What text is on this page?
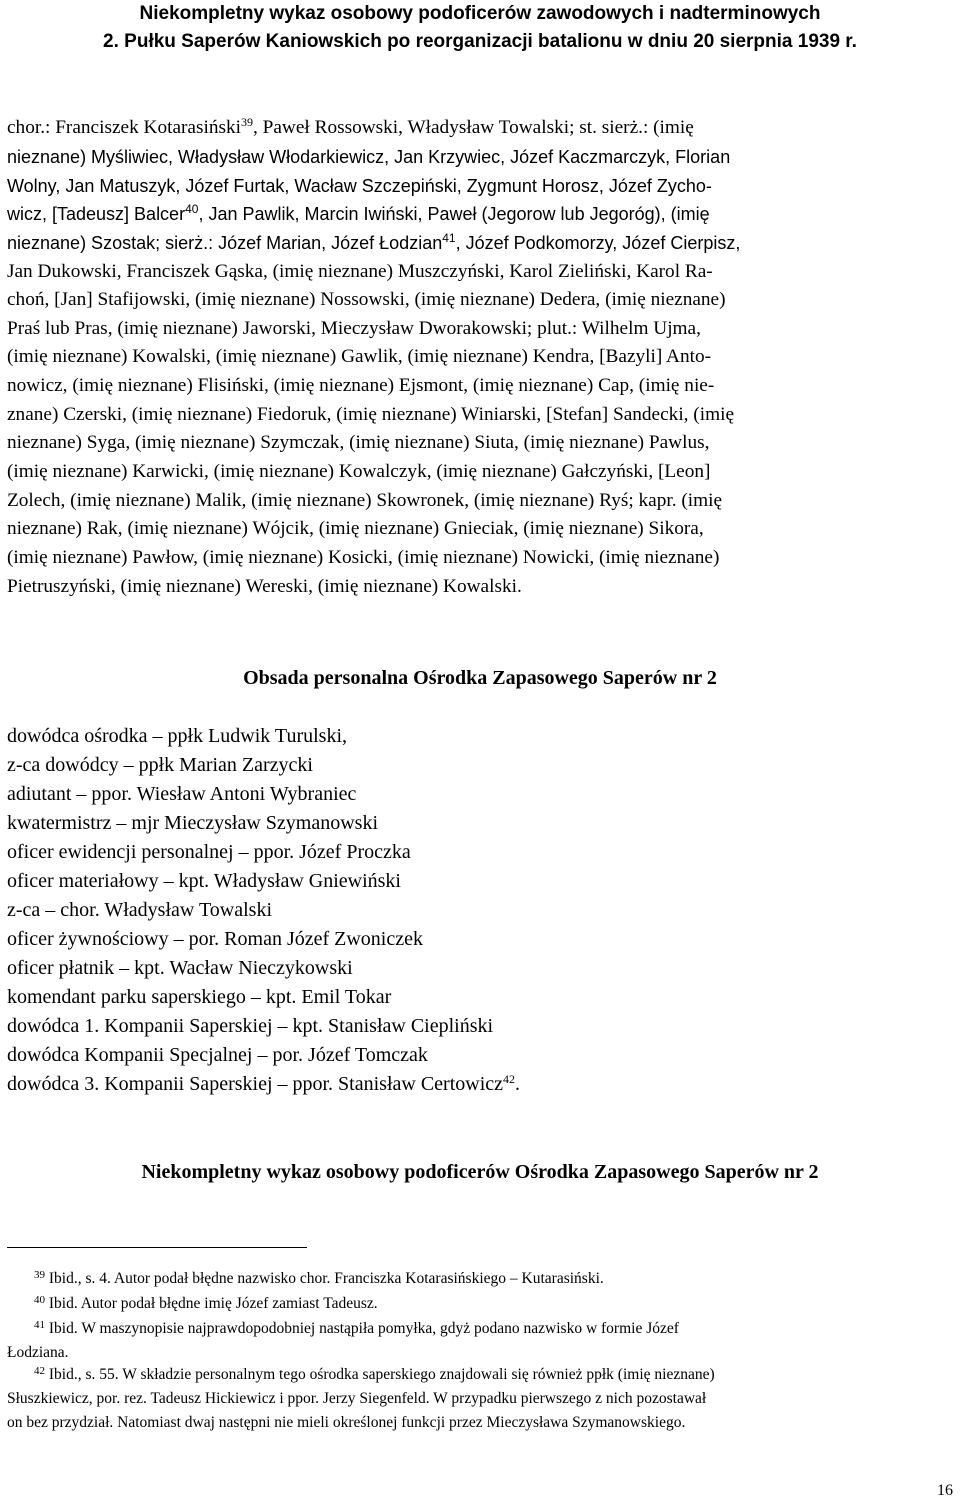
Niekompletny wykaz osobowy podoficerów zawodowych i nadterminowych
2. Pułku Saperów Kaniowskich po reorganizacji batalionu w dniu 20 sierpnia 1939 r.

chor.: Franciszek Kotarasiński$^{39}$, Paweł Rossowski, Władysław Towalski; st. sierż.: (imię

nieznane) Myśliwiec, Władysław Włodarkiewicz, Jan Krzywiec, Józef Kaczmarczyk, Florian

Wolny, Jan Matuszyk, Józef Furtak, Wacław Szczepiński, Zygmunt Horosz, Józef Zycho-

wicz, [Tadeusz] Balcer$^{40}$, Jan Pawlik, Marcin Iwiński, Paweł (Jegorow lub Jegoróg), (imię

nieznane) Szostak; sierż.: Józef Marian, Józef Łodzian$^{41}$, Józef Podkomorzy, Józef Cierpisz,

Jan Dukowski, Franciszek Gąska, (imię nieznane) Muszczyński, Karol Zieliński, Karol Ra-

choń, [Jan] Stafijowski, (imię nieznane) Nossowski, (imię nieznane) Dedera, (imię nieznane)

Praś lub Pras, (imię nieznane) Jaworski, Mieczysław Dworakowski; plut.: Wilhelm Ujma,

(imię nieznane) Kowalski, (imię nieznane) Gawlik, (imię nieznane) Kendra, [Bazyli] Anto-

nowicz, (imię nieznane) Flisiński, (imię nieznane) Ejsmont, (imię nieznane) Cap, (imię nie-

znane) Czerski, (imię nieznane) Fiedoruk, (imię nieznane) Winiarski, [Stefan] Sandecki, (imię

nieznane) Syga, (imię nieznane) Szymczak, (imię nieznane) Siuta, (imię nieznane) Pawlus,

(imię nieznane) Karwicki, (imię nieznane) Kowalczyk, (imię nieznane) Gałczyński, [Leon]

Zolech, (imię nieznane) Malik, (imię nieznane) Skowronek, (imię nieznane) Ryś; kapr. (imię

nieznane) Rak, (imię nieznane) Wójcik, (imię nieznane) Gnieciak, (imię nieznane) Sikora,

(imię nieznane) Pawłow, (imię nieznane) Kosicki, (imię nieznane) Nowicki, (imię nieznane)

Pietruszyński, (imię nieznane) Wereski, (imię nieznane) Kowalski.

Obsada personalna Ośrodka Zapasowego Saperów nr 2
dowódca ośrodka – ppłk Ludwik Turulski,
z-ca dowódcy – ppłk Marian Zarzycki
adiutant – ppor. Wiesław Antoni Wybraniec
kwatermistrz – mjr Mieczysław Szymanowski
oficer ewidencji personalnej – ppor. Józef Proczka
oficer materiałowy – kpt. Władysław Gniewiński
z-ca – chor. Władysław Towalski
oficer żywnościowy – por. Roman Józef Zwoniczek
oficer płatnik – kpt. Wacław Nieczykowski
komendant parku saperskiego – kpt. Emil Tokar
dowódca 1. Kompanii Saperskiej – kpt. Stanisław Ciepliński
dowódca Kompanii Specjalnej – por. Józef Tomczak
dowódca 3. Kompanii Saperskiej – ppor. Stanisław Certowicz$^{42}$.
Niekompletny wykaz osobowy podoficerów Ośrodka Zapasowego Saperów nr 2

$^{39}$ Ibid., s. 4. Autor podał błędne nazwisko chor. Franciszka Kotarasińskiego – Kutarasiński.

$^{40}$ Ibid. Autor podał błędne imię Józef zamiast Tadeusz.

$^{41}$ Ibid. W maszynopisie najprawdopodobniej nastąpiła pomyłka, gdyż podano nazwisko w formie Józef

Łodziana.

$^{42}$ Ibid., s. 55. W składzie personalnym tego ośrodka saperskiego znajdowali się również ppłk (imię nieznane)

Słuszkiewicz, por. rez. Tadeusz Hickiewicz i ppor. Jerzy Siegenfeld. W przypadku pierwszego z nich pozostawał

on bez przydział. Natomiast dwaj następni nie mieli określonej funkcji przez Mieczysława Szymanowskiego.

16
